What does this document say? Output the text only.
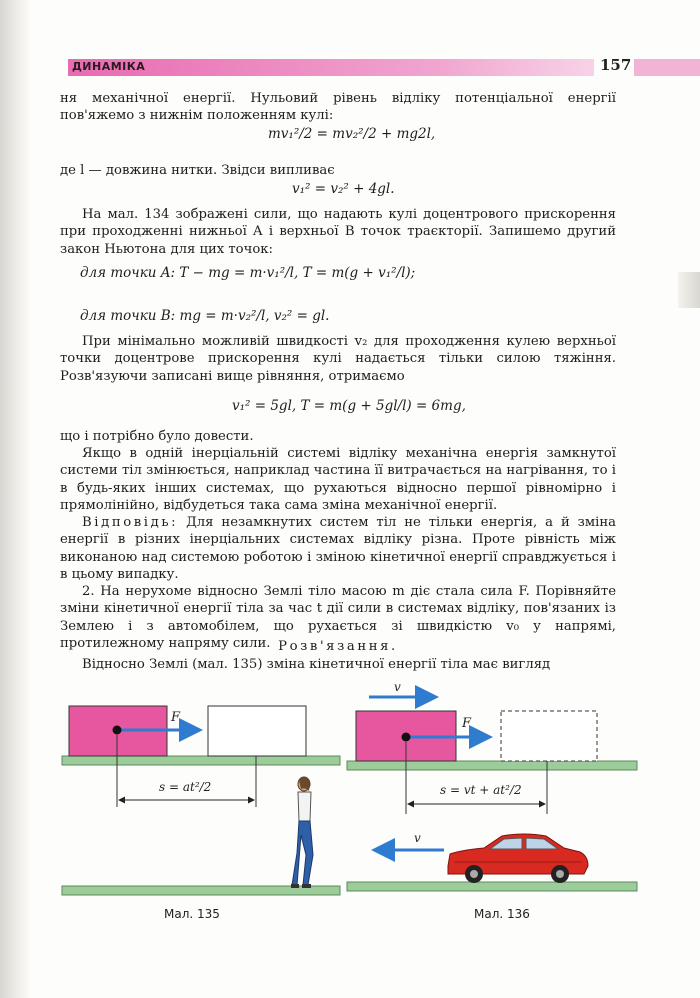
ДИНАМІКА	157
ня механічної енергії. Нульовий рівень відліку потенціальної енергії пов'яжемо з нижнім положенням кулі:
mv₁²/2 = mv₂²/2 + mg2l,
де l — довжина нитки. Звідси випливає
v₁² = v₂² + 4gl.
На мал. 134 зображені сили, що надають кулі доцентрового прискорення при проходженні нижньої A і верхньої B точок траєкторії. Запишемо другий закон Ньютона для цих точок:
для точки A: T − mg = m·v₁²/l, T = m(g + v₁²/l);
для точки B: mg = m·v₂²/l, v₂² = gl.
При мінімально можливій швидкості v₂ для проходження кулею верхньої точки доцентрове прискорення кулі надається тільки силою тяжіння. Розв'язуючи записані вище рівняння, отримаємо
v₁² = 5gl, T = m(g + 5gl/l) = 6mg,
що і потрібно було довести.
Якщо в одній інерціальній системі відліку механічна енергія замкнутої системи тіл змінюється, наприклад частина її витрачається на нагрівання, то і в будь-яких інших системах, що рухаються відносно першої рівномірно і прямолінійно, відбудеться така сама зміна механічної енергії.
Відповідь: Для незамкнутих систем тіл не тільки енергія, а й зміна енергії в різних інерціальних системах відліку різна. Проте рівність між виконаною над системою роботою і зміною кінетичної енергії справджується і в цьому випадку.
2. На нерухоме відносно Землі тіло масою m діє стала сила F. Порівняйте зміни кінетичної енергії тіла за час t дії сили в системах відліку, пов'язаних із Землею і з автомобілем, що рухається зі швидкістю v₀ у напрямі, протилежному напряму сили. Розв'язання.
Відносно Землі (мал. 135) зміна кінетичної енергії тіла має вигляд
F
s = at²/2
Мал. 135
v
F
s = vt + at²/2
v
Мал. 136
